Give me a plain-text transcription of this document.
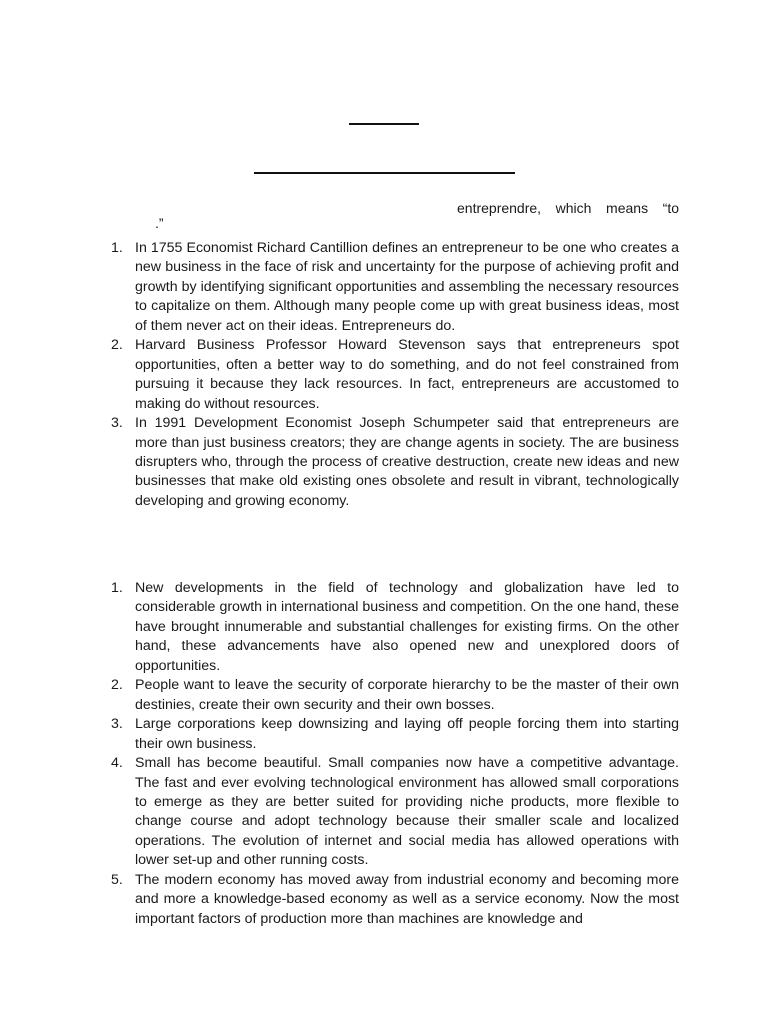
entreprendre, which means “to
.”
1. In 1755 Economist Richard Cantillion defines an entrepreneur to be one who creates a new business in the face of risk and uncertainty for the purpose of achieving profit and growth by identifying significant opportunities and assembling the necessary resources to capitalize on them. Although many people come up with great business ideas, most of them never act on their ideas. Entrepreneurs do.
2. Harvard Business Professor Howard Stevenson says that entrepreneurs spot opportunities, often a better way to do something, and do not feel constrained from pursuing it because they lack resources. In fact, entrepreneurs are accustomed to making do without resources.
3. In 1991 Development Economist Joseph Schumpeter said that entrepreneurs are more than just business creators; they are change agents in society. The are business disrupters who, through the process of creative destruction, create new ideas and new businesses that make old existing ones obsolete and result in vibrant, technologically developing and growing economy.
1. New developments in the field of technology and globalization have led to considerable growth in international business and competition. On the one hand, these have brought innumerable and substantial challenges for existing firms. On the other hand, these advancements have also opened new and unexplored doors of opportunities.
2. People want to leave the security of corporate hierarchy to be the master of their own destinies, create their own security and their own bosses.
3. Large corporations keep downsizing and laying off people forcing them into starting their own business.
4. Small has become beautiful. Small companies now have a competitive advantage. The fast and ever evolving technological environment has allowed small corporations to emerge as they are better suited for providing niche products, more flexible to change course and adopt technology because their smaller scale and localized operations. The evolution of internet and social media has allowed operations with lower set-up and other running costs.
5. The modern economy has moved away from industrial economy and becoming more and more a knowledge-based economy as well as a service economy. Now the most important factors of production more than machines are knowledge and
